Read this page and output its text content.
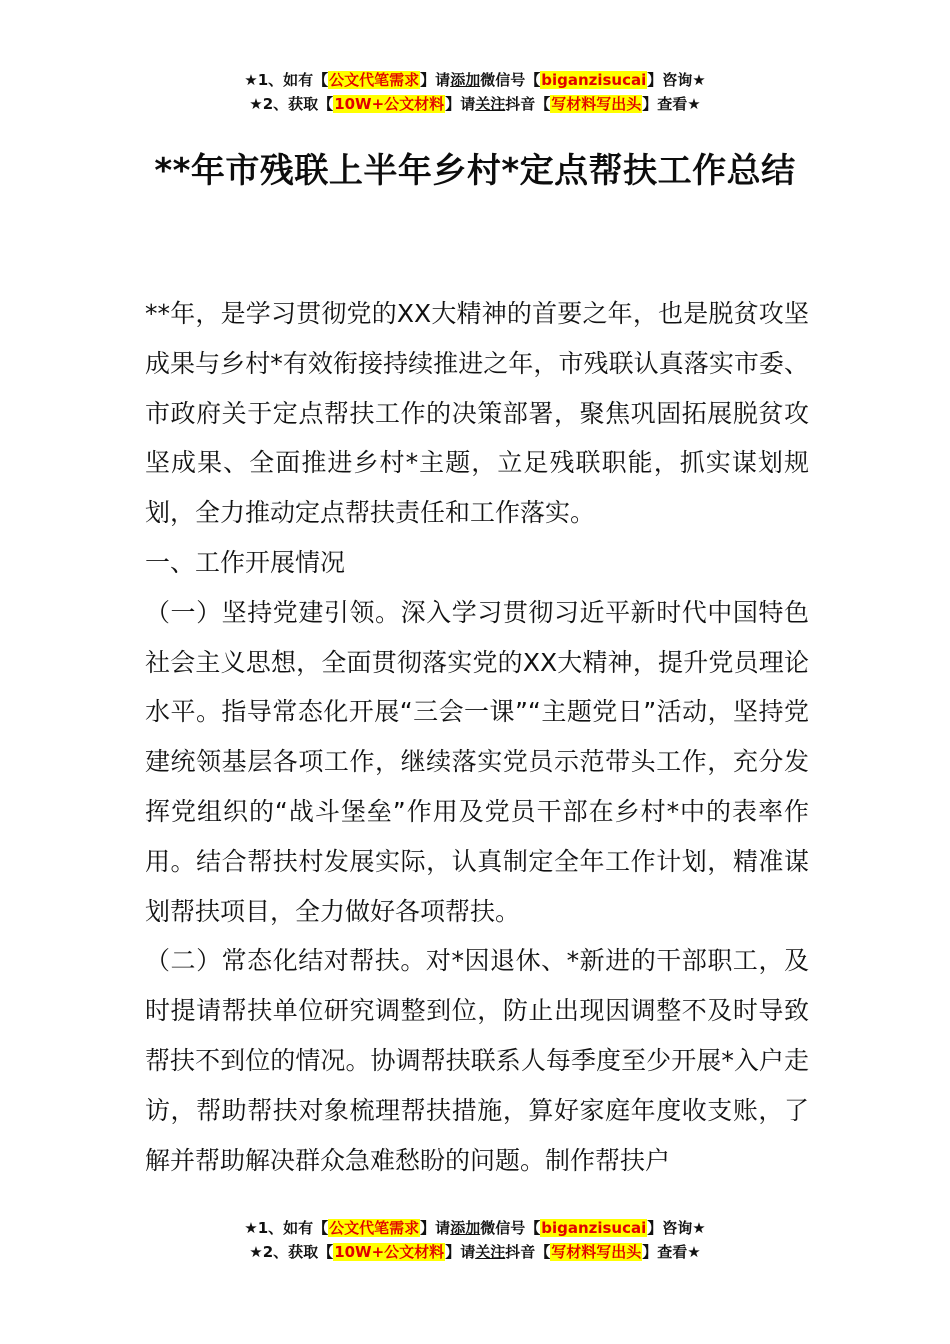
★1、如有【公文代笔需求】请添加微信号【biganzisucai】咨询★
★2、获取【10W+公文材料】请关注抖音【写材料写出头】查看★
**年市残联上半年乡村*定点帮扶工作总结

**年，是学习贯彻党的XX大精神的首要之年，也是脱贫攻坚成果与乡村*有效衔接持续推进之年，市残联认真落实市委、市政府关于定点帮扶工作的决策部署，聚焦巩固拓展脱贫攻坚成果、全面推进乡村*主题，立足残联职能，抓实谋划规划，全力推动定点帮扶责任和工作落实。

一、工作开展情况

（一）坚持党建引领。深入学习贯彻习近平新时代中国特色社会主义思想，全面贯彻落实党的XX大精神，提升党员理论水平。指导常态化开展“三会一课”“主题党日”活动，坚持党建统领基层各项工作，继续落实党员示范带头工作，充分发挥党组织的“战斗堡垒”作用及党员干部在乡村*中的表率作用。结合帮扶村发展实际，认真制定全年工作计划，精准谋划帮扶项目，全力做好各项帮扶。

（二）常态化结对帮扶。对*因退休、*新进的干部职工，及时提请帮扶单位研究调整到位，防止出现因调整不及时导致帮扶不到位的情况。协调帮扶联系人每季度至少开展*入户走访，帮助帮扶对象梳理帮扶措施，算好家庭年度收支账，了解并帮助解决群众急难愁盼的问题。制作帮扶户

★1、如有【公文代笔需求】请添加微信号【biganzisucai】咨询★
★2、获取【10W+公文材料】请关注抖音【写材料写出头】查看★
